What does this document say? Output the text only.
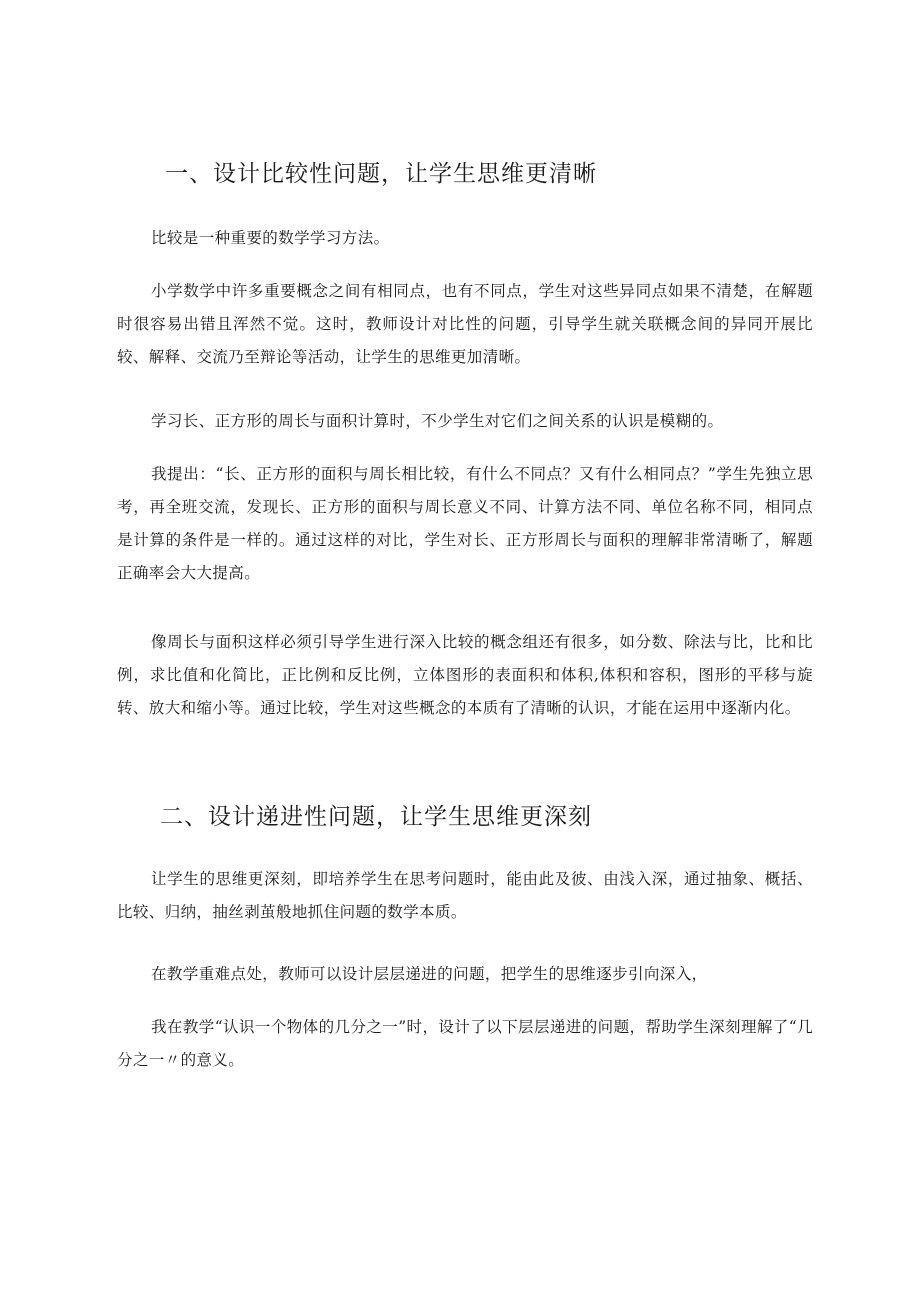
一、设计比较性问题，让学生思维更清晰

比较是一种重要的数学学习方法。

小学数学中许多重要概念之间有相同点，也有不同点，学生对这些异同点如果不清楚，在解题时很容易出错且浑然不觉。这时，教师设计对比性的问题，引导学生就关联概念间的异同开展比较、解释、交流乃至辩论等活动，让学生的思维更加清晰。

学习长、正方形的周长与面积计算时，不少学生对它们之间关系的认识是模糊的。

我提出：“长、正方形的面积与周长相比较，有什么不同点？又有什么相同点？”学生先独立思考，再全班交流，发现长、正方形的面积与周长意义不同、计算方法不同、单位名称不同，相同点是计算的条件是一样的。通过这样的对比，学生对长、正方形周长与面积的理解非常清晰了，解题正确率会大大提高。

像周长与面积这样必须引导学生进行深入比较的概念组还有很多，如分数、除法与比，比和比例，求比值和化简比，正比例和反比例，立体图形的表面积和体积,体积和容积，图形的平移与旋转、放大和缩小等。通过比较，学生对这些概念的本质有了清晰的认识，才能在运用中逐渐内化。

二、设计递进性问题，让学生思维更深刻

让学生的思维更深刻，即培养学生在思考问题时，能由此及彼、由浅入深，通过抽象、概括、比较、归纳，抽丝剥茧般地抓住问题的数学本质。

在教学重难点处，教师可以设计层层递进的问题，把学生的思维逐步引向深入，

我在教学“认识一个物体的几分之一”时，设计了以下层层递进的问题，帮助学生深刻理解了“几分之一〃的意义。
